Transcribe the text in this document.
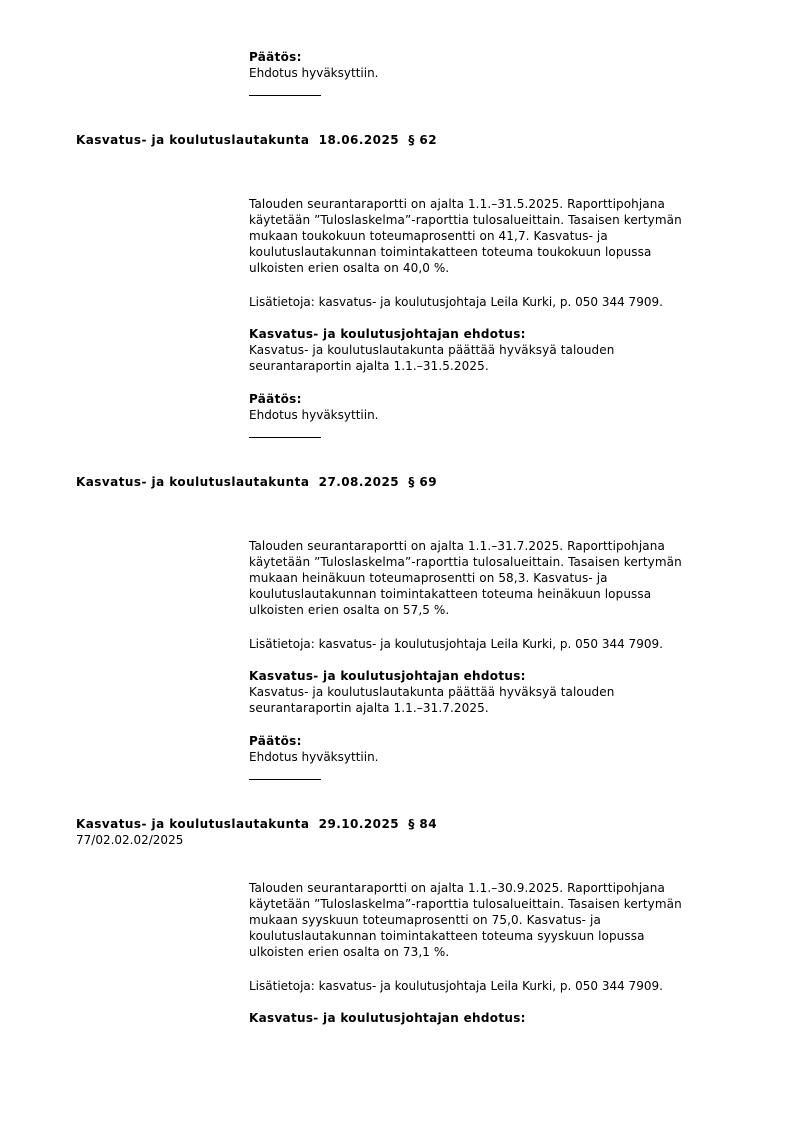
Päätös:
Ehdotus hyväksyttiin.
Kasvatus- ja koulutuslautakunta  18.06.2025  § 62
Talouden seurantaraportti on ajalta 1.1.–31.5.2025. Raporttipohjana
käytetään ”Tuloslaskelma”-raporttia tulosalueittain. Tasaisen kertymän
mukaan toukokuun toteumaprosentti on 41,7. Kasvatus- ja
koulutuslautakunnan toimintakatteen toteuma toukokuun lopussa
ulkoisten erien osalta on 40,0 %.
Lisätietoja: kasvatus- ja koulutusjohtaja Leila Kurki, p. 050 344 7909.
Kasvatus- ja koulutusjohtajan ehdotus:
Kasvatus- ja koulutuslautakunta päättää hyväksyä talouden
seurantaraportin ajalta 1.1.–31.5.2025.
Päätös:
Ehdotus hyväksyttiin.
Kasvatus- ja koulutuslautakunta  27.08.2025  § 69
Talouden seurantaraportti on ajalta 1.1.–31.7.2025. Raporttipohjana
käytetään ”Tuloslaskelma”-raporttia tulosalueittain. Tasaisen kertymän
mukaan heinäkuun toteumaprosentti on 58,3. Kasvatus- ja
koulutuslautakunnan toimintakatteen toteuma heinäkuun lopussa
ulkoisten erien osalta on 57,5 %.
Lisätietoja: kasvatus- ja koulutusjohtaja Leila Kurki, p. 050 344 7909.
Kasvatus- ja koulutusjohtajan ehdotus:
Kasvatus- ja koulutuslautakunta päättää hyväksyä talouden
seurantaraportin ajalta 1.1.–31.7.2025.
Päätös:
Ehdotus hyväksyttiin.
Kasvatus- ja koulutuslautakunta  29.10.2025  § 84
77/02.02.02/2025
Talouden seurantaraportti on ajalta 1.1.–30.9.2025. Raporttipohjana
käytetään ”Tuloslaskelma”-raporttia tulosalueittain. Tasaisen kertymän
mukaan syyskuun toteumaprosentti on 75,0. Kasvatus- ja
koulutuslautakunnan toimintakatteen toteuma syyskuun lopussa
ulkoisten erien osalta on 73,1 %.
Lisätietoja: kasvatus- ja koulutusjohtaja Leila Kurki, p. 050 344 7909.
Kasvatus- ja koulutusjohtajan ehdotus:
